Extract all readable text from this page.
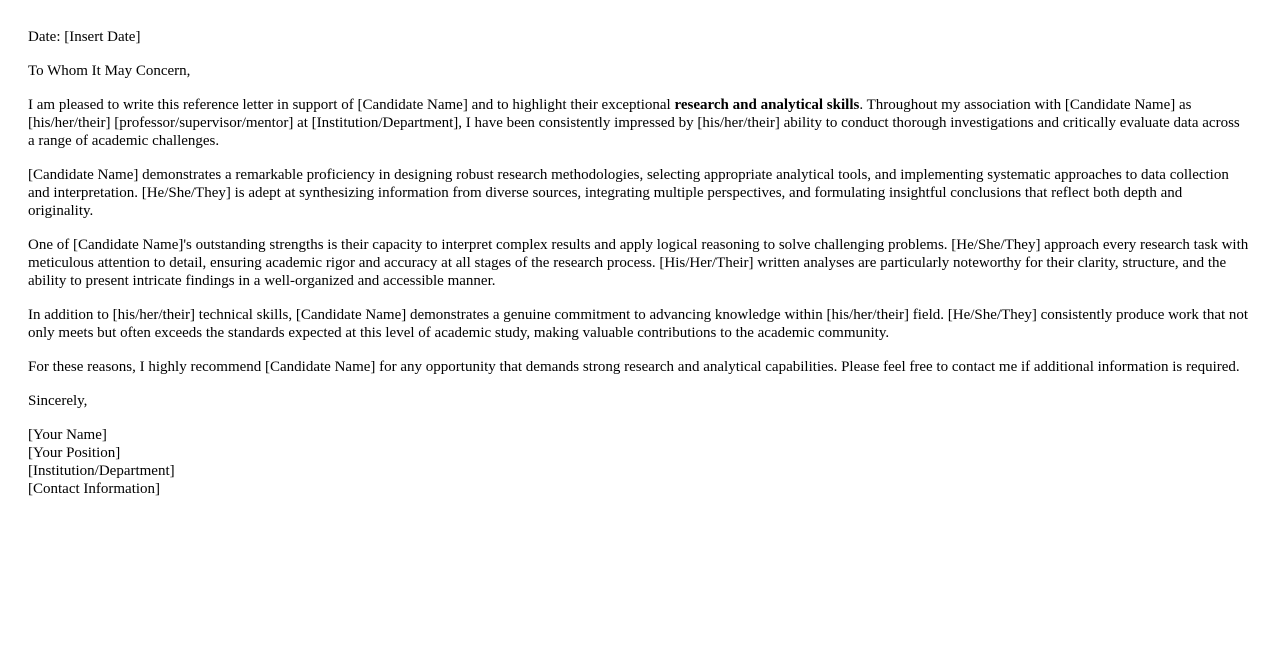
Date: [Insert Date]

To Whom It May Concern,

I am pleased to write this reference letter in support of [Candidate Name] and to highlight their exceptional research and analytical skills. Throughout my association with [Candidate Name] as [his/her/their] [professor/supervisor/mentor] at [Institution/Department], I have been consistently impressed by [his/her/their] ability to conduct thorough investigations and critically evaluate data across a range of academic challenges.

[Candidate Name] demonstrates a remarkable proficiency in designing robust research methodologies, selecting appropriate analytical tools, and implementing systematic approaches to data collection and interpretation. [He/She/They] is adept at synthesizing information from diverse sources, integrating multiple perspectives, and formulating insightful conclusions that reflect both depth and originality.

One of [Candidate Name]'s outstanding strengths is their capacity to interpret complex results and apply logical reasoning to solve challenging problems. [He/She/They] approach every research task with meticulous attention to detail, ensuring academic rigor and accuracy at all stages of the research process. [His/Her/Their] written analyses are particularly noteworthy for their clarity, structure, and the ability to present intricate findings in a well-organized and accessible manner.

In addition to [his/her/their] technical skills, [Candidate Name] demonstrates a genuine commitment to advancing knowledge within [his/her/their] field. [He/She/They] consistently produce work that not only meets but often exceeds the standards expected at this level of academic study, making valuable contributions to the academic community.

For these reasons, I highly recommend [Candidate Name] for any opportunity that demands strong research and analytical capabilities. Please feel free to contact me if additional information is required.

Sincerely,

[Your Name]
[Your Position]
[Institution/Department]
[Contact Information]
